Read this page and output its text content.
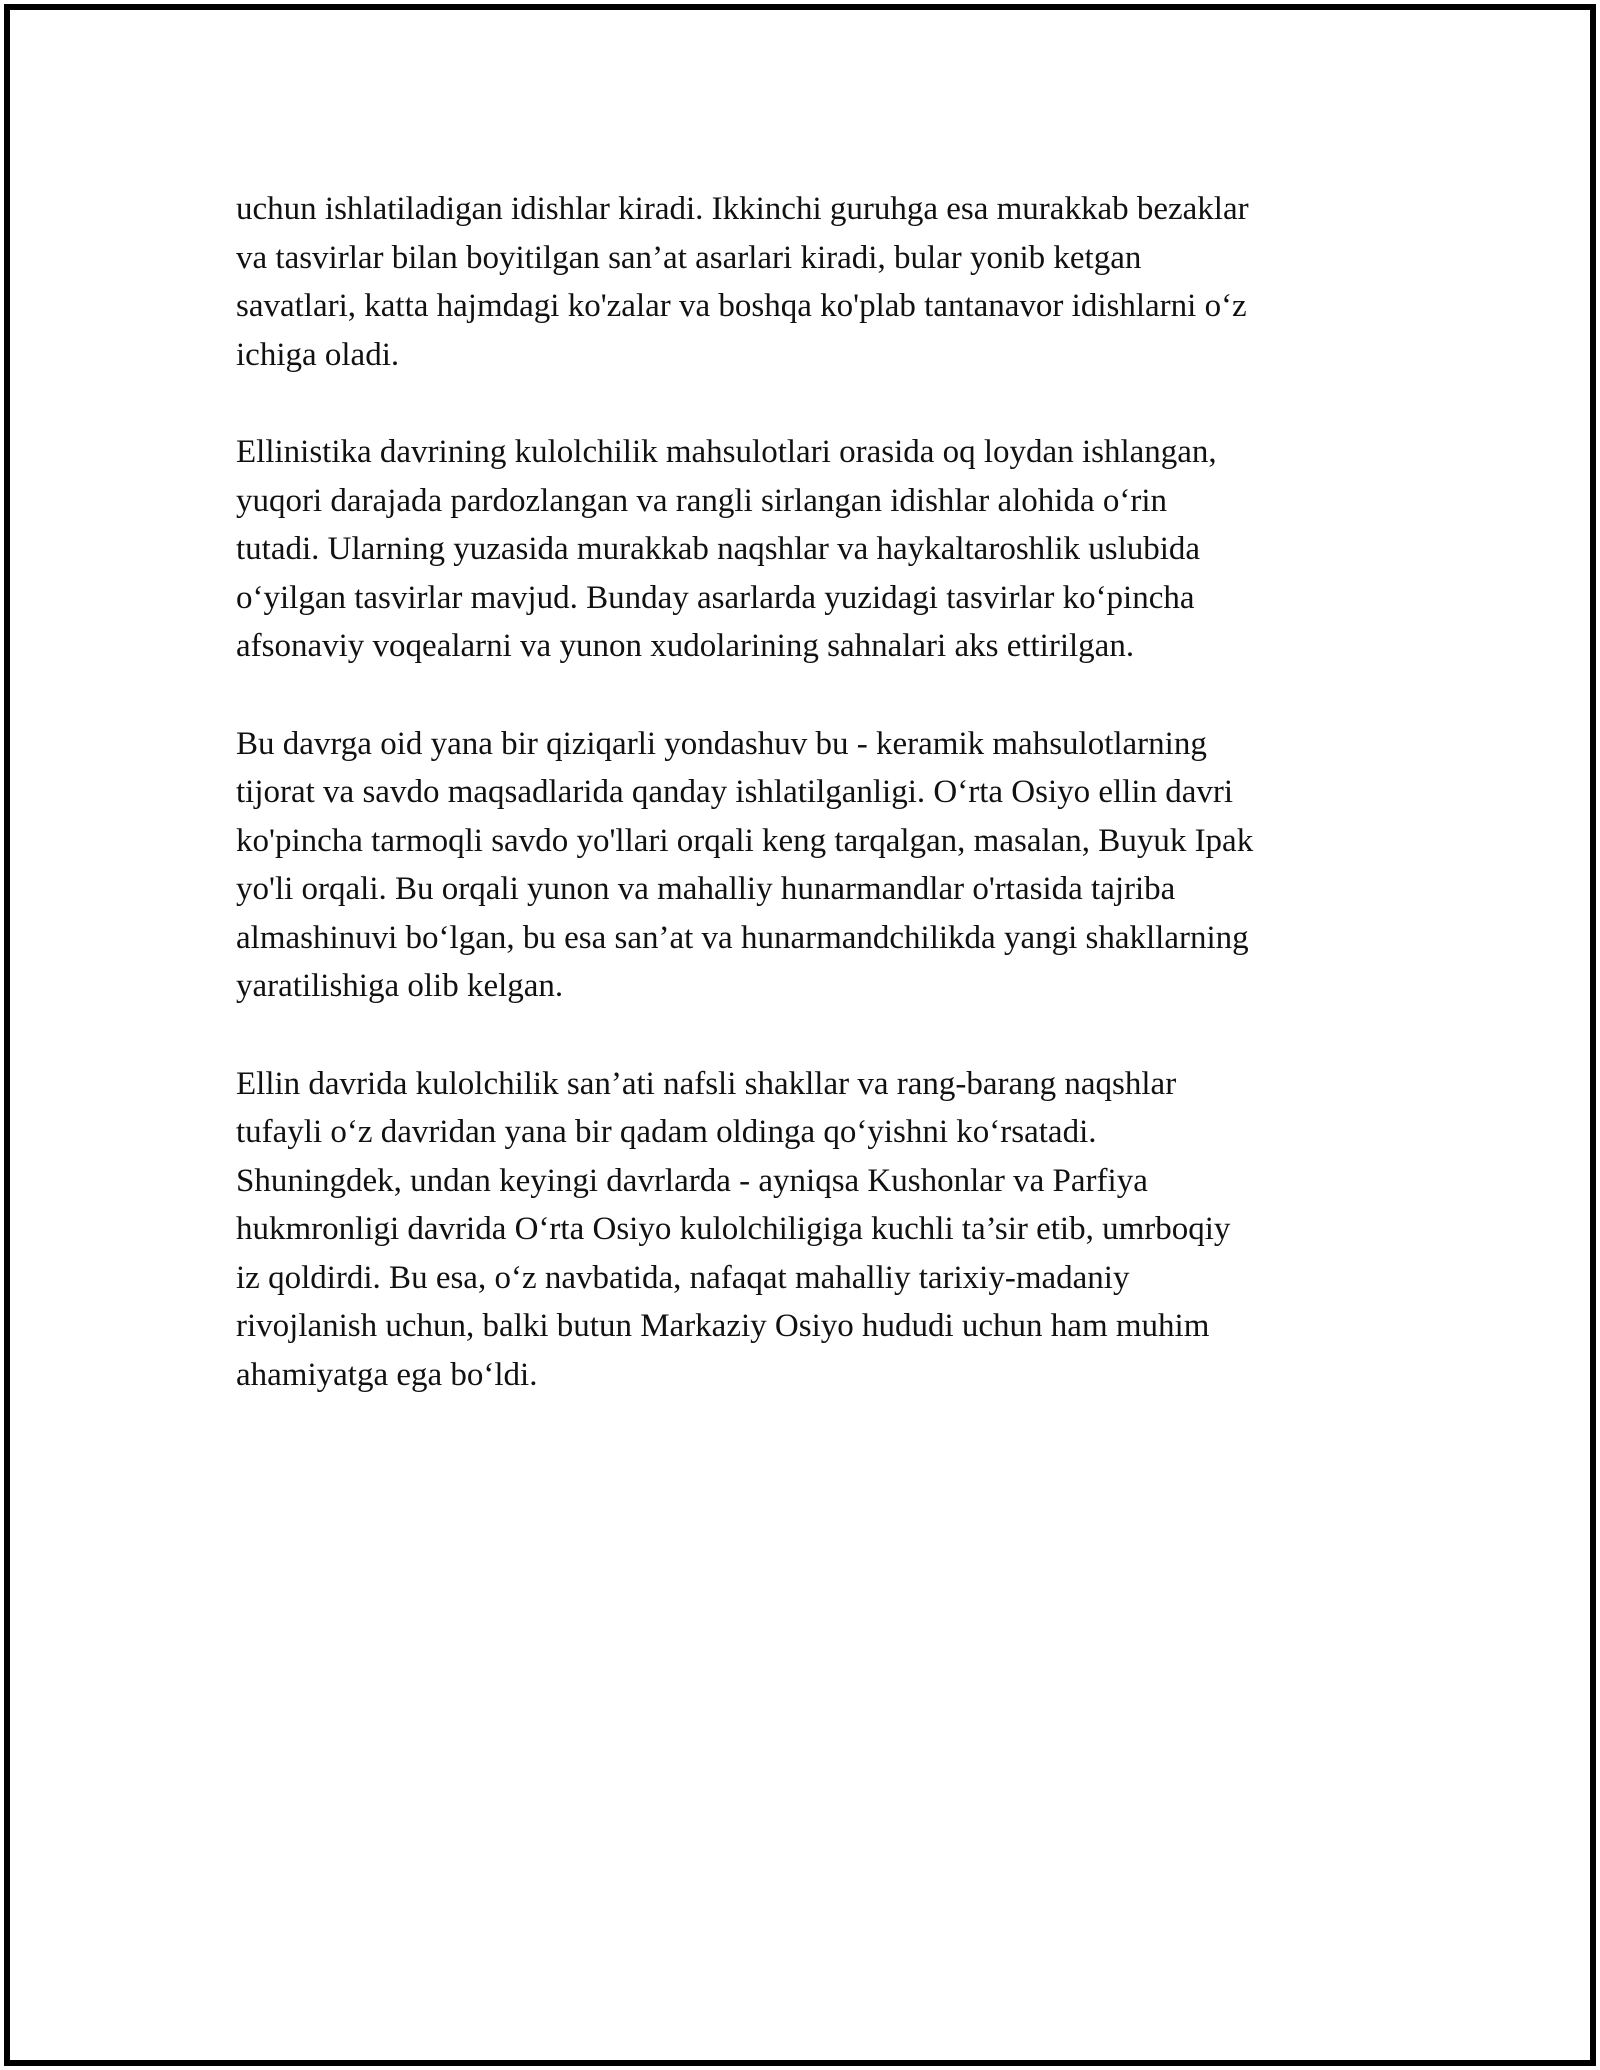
uchun ishlatiladigan idishlar kiradi. Ikkinchi guruhga esa murakkab bezaklar
va tasvirlar bilan boyitilgan san’at asarlari kiradi, bular yonib ketgan
savatlari, katta hajmdagi ko'zalar va boshqa ko'plab tantanavor idishlarni o‘z
ichiga oladi.

Ellinistika davrining kulolchilik mahsulotlari orasida oq loydan ishlangan,
yuqori darajada pardozlangan va rangli sirlangan idishlar alohida o‘rin
tutadi. Ularning yuzasida murakkab naqshlar va haykaltaroshlik uslubida
o‘yilgan tasvirlar mavjud. Bunday asarlarda yuzidagi tasvirlar ko‘pincha
afsonaviy voqealarni va yunon xudolarining sahnalari aks ettirilgan.

Bu davrga oid yana bir qiziqarli yondashuv bu - keramik mahsulotlarning
tijorat va savdo maqsadlarida qanday ishlatilganligi. O‘rta Osiyo ellin davri
ko'pincha tarmoqli savdo yo'llari orqali keng tarqalgan, masalan, Buyuk Ipak
yo'li orqali. Bu orqali yunon va mahalliy hunarmandlar o'rtasida tajriba
almashinuvi bo‘lgan, bu esa san’at va hunarmandchilikda yangi shakllarning
yaratilishiga olib kelgan.

Ellin davrida kulolchilik san’ati nafsli shakllar va rang-barang naqshlar
tufayli o‘z davridan yana bir qadam oldinga qo‘yishni ko‘rsatadi.
Shuningdek, undan keyingi davrlarda - ayniqsa Kushonlar va Parfiya
hukmronligi davrida O‘rta Osiyo kulolchiligiga kuchli ta’sir etib, umrboqiy
iz qoldirdi. Bu esa, o‘z navbatida, nafaqat mahalliy tarixiy-madaniy
rivojlanish uchun, balki butun Markaziy Osiyo hududi uchun ham muhim
ahamiyatga ega bo‘ldi.
